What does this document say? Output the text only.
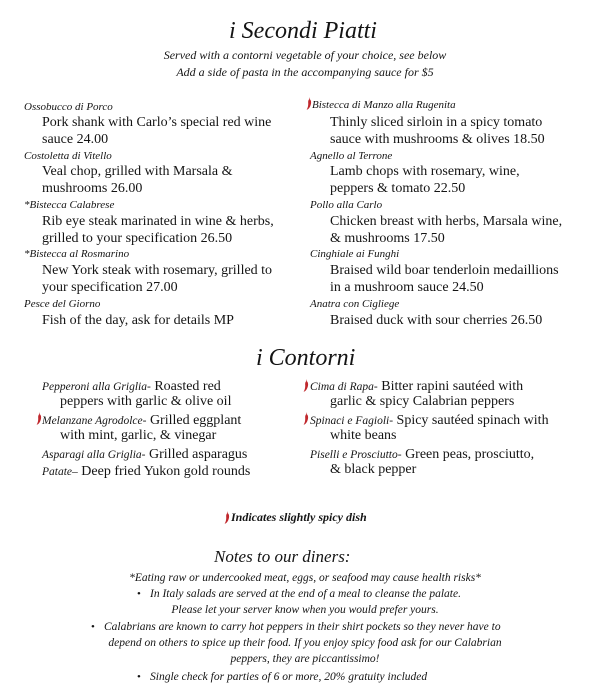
i Secondi Piatti
Served with a contorni vegetable of your choice, see below
Add a side of pasta in the accompanying sauce for $5
Ossobucco di Porco
Pork shank with Carlo’s special red wine
sauce 24.00
Costoletta di Vitello
Veal chop, grilled with Marsala &
mushrooms 26.00
*Bistecca Calabrese
Rib eye steak marinated in wine & herbs,
grilled to your specification 26.50
*Bistecca al Rosmarino
New York steak with rosemary, grilled to
your specification 27.00
Pesce del Giorno
Fish of the day, ask for details MP
Bistecca di Manzo alla Rugenita
Thinly sliced sirloin in a spicy tomato
sauce with mushrooms & olives 18.50
Agnello al Terrone
Lamb chops with rosemary, wine,
peppers & tomato 22.50
Pollo alla Carlo
Chicken breast with herbs, Marsala wine,
& mushrooms 17.50
Cinghiale ai Funghi
Braised wild boar tenderloin medaillions
in a mushroom sauce 24.50
Anatra con Cigliege
Braised duck with sour cherries 26.50
i Contorni
Pepperoni alla Griglia- Roasted red
peppers with garlic & olive oil
Melanzane Agrodolce- Grilled eggplant
with mint, garlic, & vinegar
Asparagi alla Griglia- Grilled asparagus
Patate– Deep fried Yukon gold rounds
Cima di Rapa- Bitter rapini sautéed with
garlic & spicy Calabrian peppers
Spinaci e Fagioli- Spicy sautéed spinach with
white beans
Piselli e Prosciutto- Green peas, prosciutto,
& black pepper
Indicates slightly spicy dish
Notes to our diners:
*Eating raw or undercooked meat, eggs, or seafood may cause health risks*
• In Italy salads are served at the end of a meal to cleanse the palate.
Please let your server know when you would prefer yours.
• Calabrians are known to carry hot peppers in their shirt pockets so they never have to
depend on others to spice up their food. If you enjoy spicy food ask for our Calabrian
peppers, they are piccantissimo!
• Single check for parties of 6 or more, 20% gratuity included
